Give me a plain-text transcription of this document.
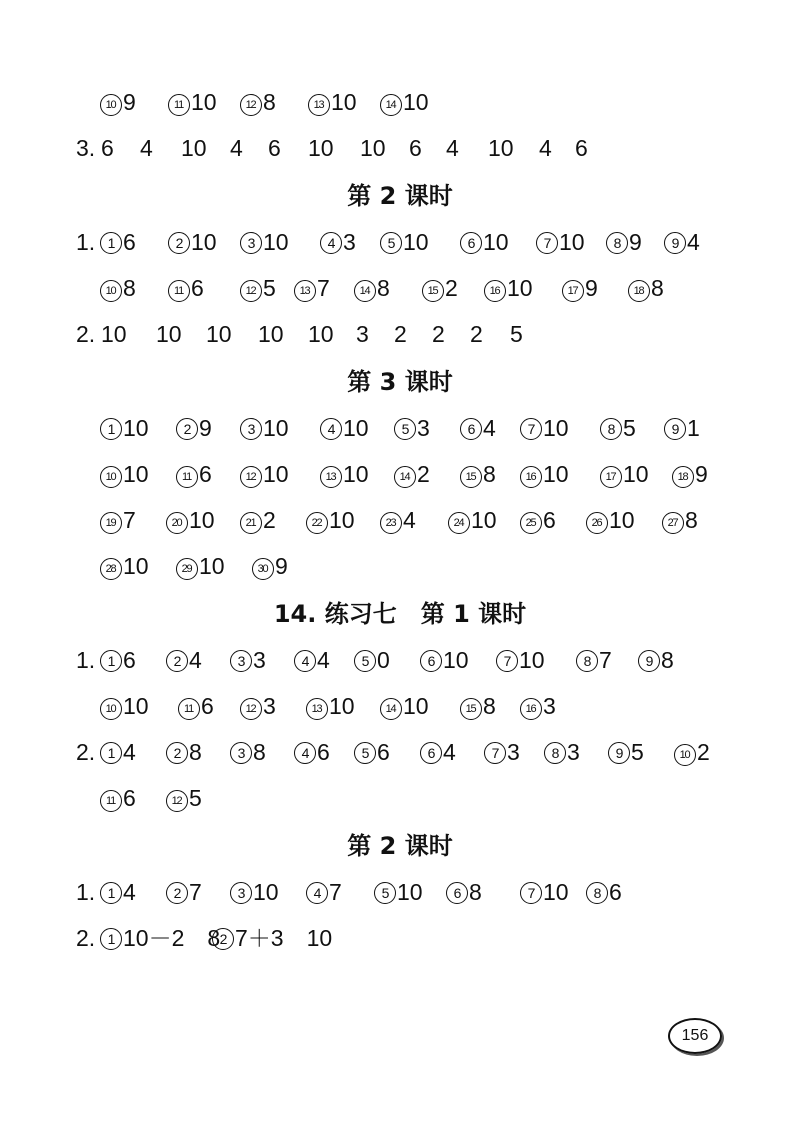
10 9	11 10	12 8	13 10	14 10
3. 6 4 10 4 6 10 10 6 4 10 4 6
第 2 课时
1. 1 6	2 10	3 10	4 3	5 10	6 10	7 10	8 9	9 4
10 8	11 6	12 5	13 7	14 8	15 2	16 10	17 9	18 8
2. 10 10 10 10 10 3 2 2 2 5
第 3 课时
1 10	2 9	3 10	4 10	5 3	6 4	7 10	8 5	9 1
10 10	11 6	12 10	13 10	14 2	15 8	16 10	17 10	18 9
19 7	20 10	21 2	22 10	23 4	24 10	25 6	26 10	27 8
28 10	29 10	30 9
14. 练习七　第 1 课时
1. 1 6	2 4	3 3	4 4	5 0	6 10	7 10	8 7	9 8
10 10	11 6	12 3	13 10	14 10	15 8	16 3
2. 1 4	2 8	3 8	4 6	5 6	6 4	7 3	8 3	9 5	10 2
11 6	12 5
第 2 课时
1. 1 4	2 7	3 10	4 7	5 10	6 8	7 10	8 6
2. 1 10－2　8 2 7＋3　10
156
